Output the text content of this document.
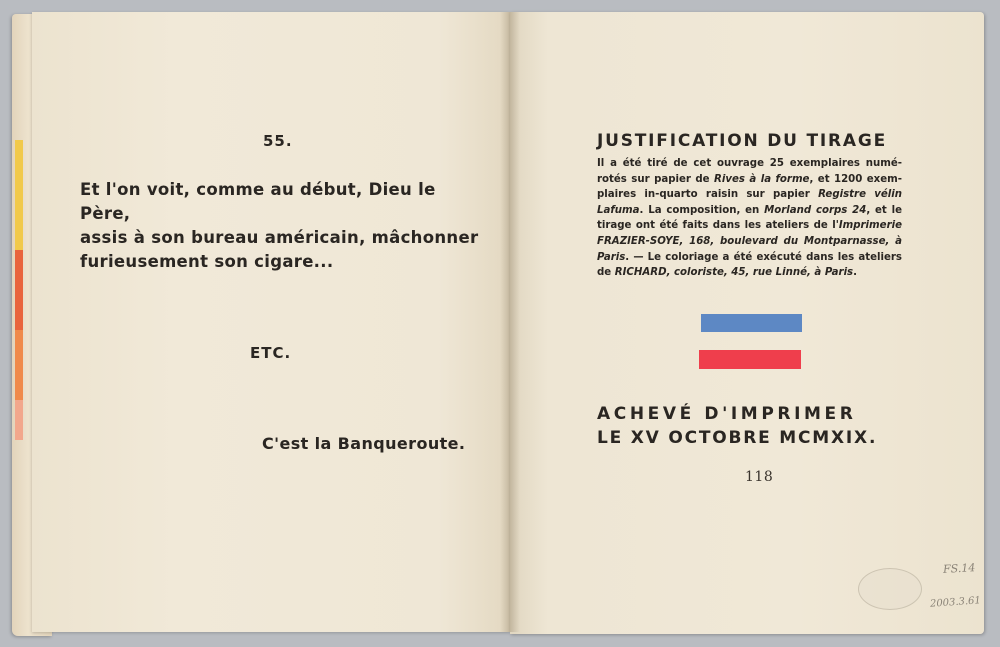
55.
Et l'on voit, comme au début, Dieu le Père,
assis à son bureau américain, mâchonner
furieusement son cigare...
ETC.
C'est la Banqueroute.
JUSTIFICATION DU TIRAGE

Il a été tiré de cet ouvrage 25 exemplaires numé-rotés sur papier de Rives à la forme, et 1200 exem-plaires in-quarto raisin sur papier Registre vélin Lafuma. La composition, en Morland corps 24, et le tirage ont été faits dans les ateliers de l'Imprimerie FRAZIER-SOYE, 168, boulevard du Montparnasse, à Paris. — Le coloriage a été exécuté dans les ateliers de RICHARD, coloriste, 45, rue Linné, à Paris.

ACHEVÉ D'IMPRIMER
LE XV OCTOBRE MCMXIX.
118
FS.14
2003.3.61
